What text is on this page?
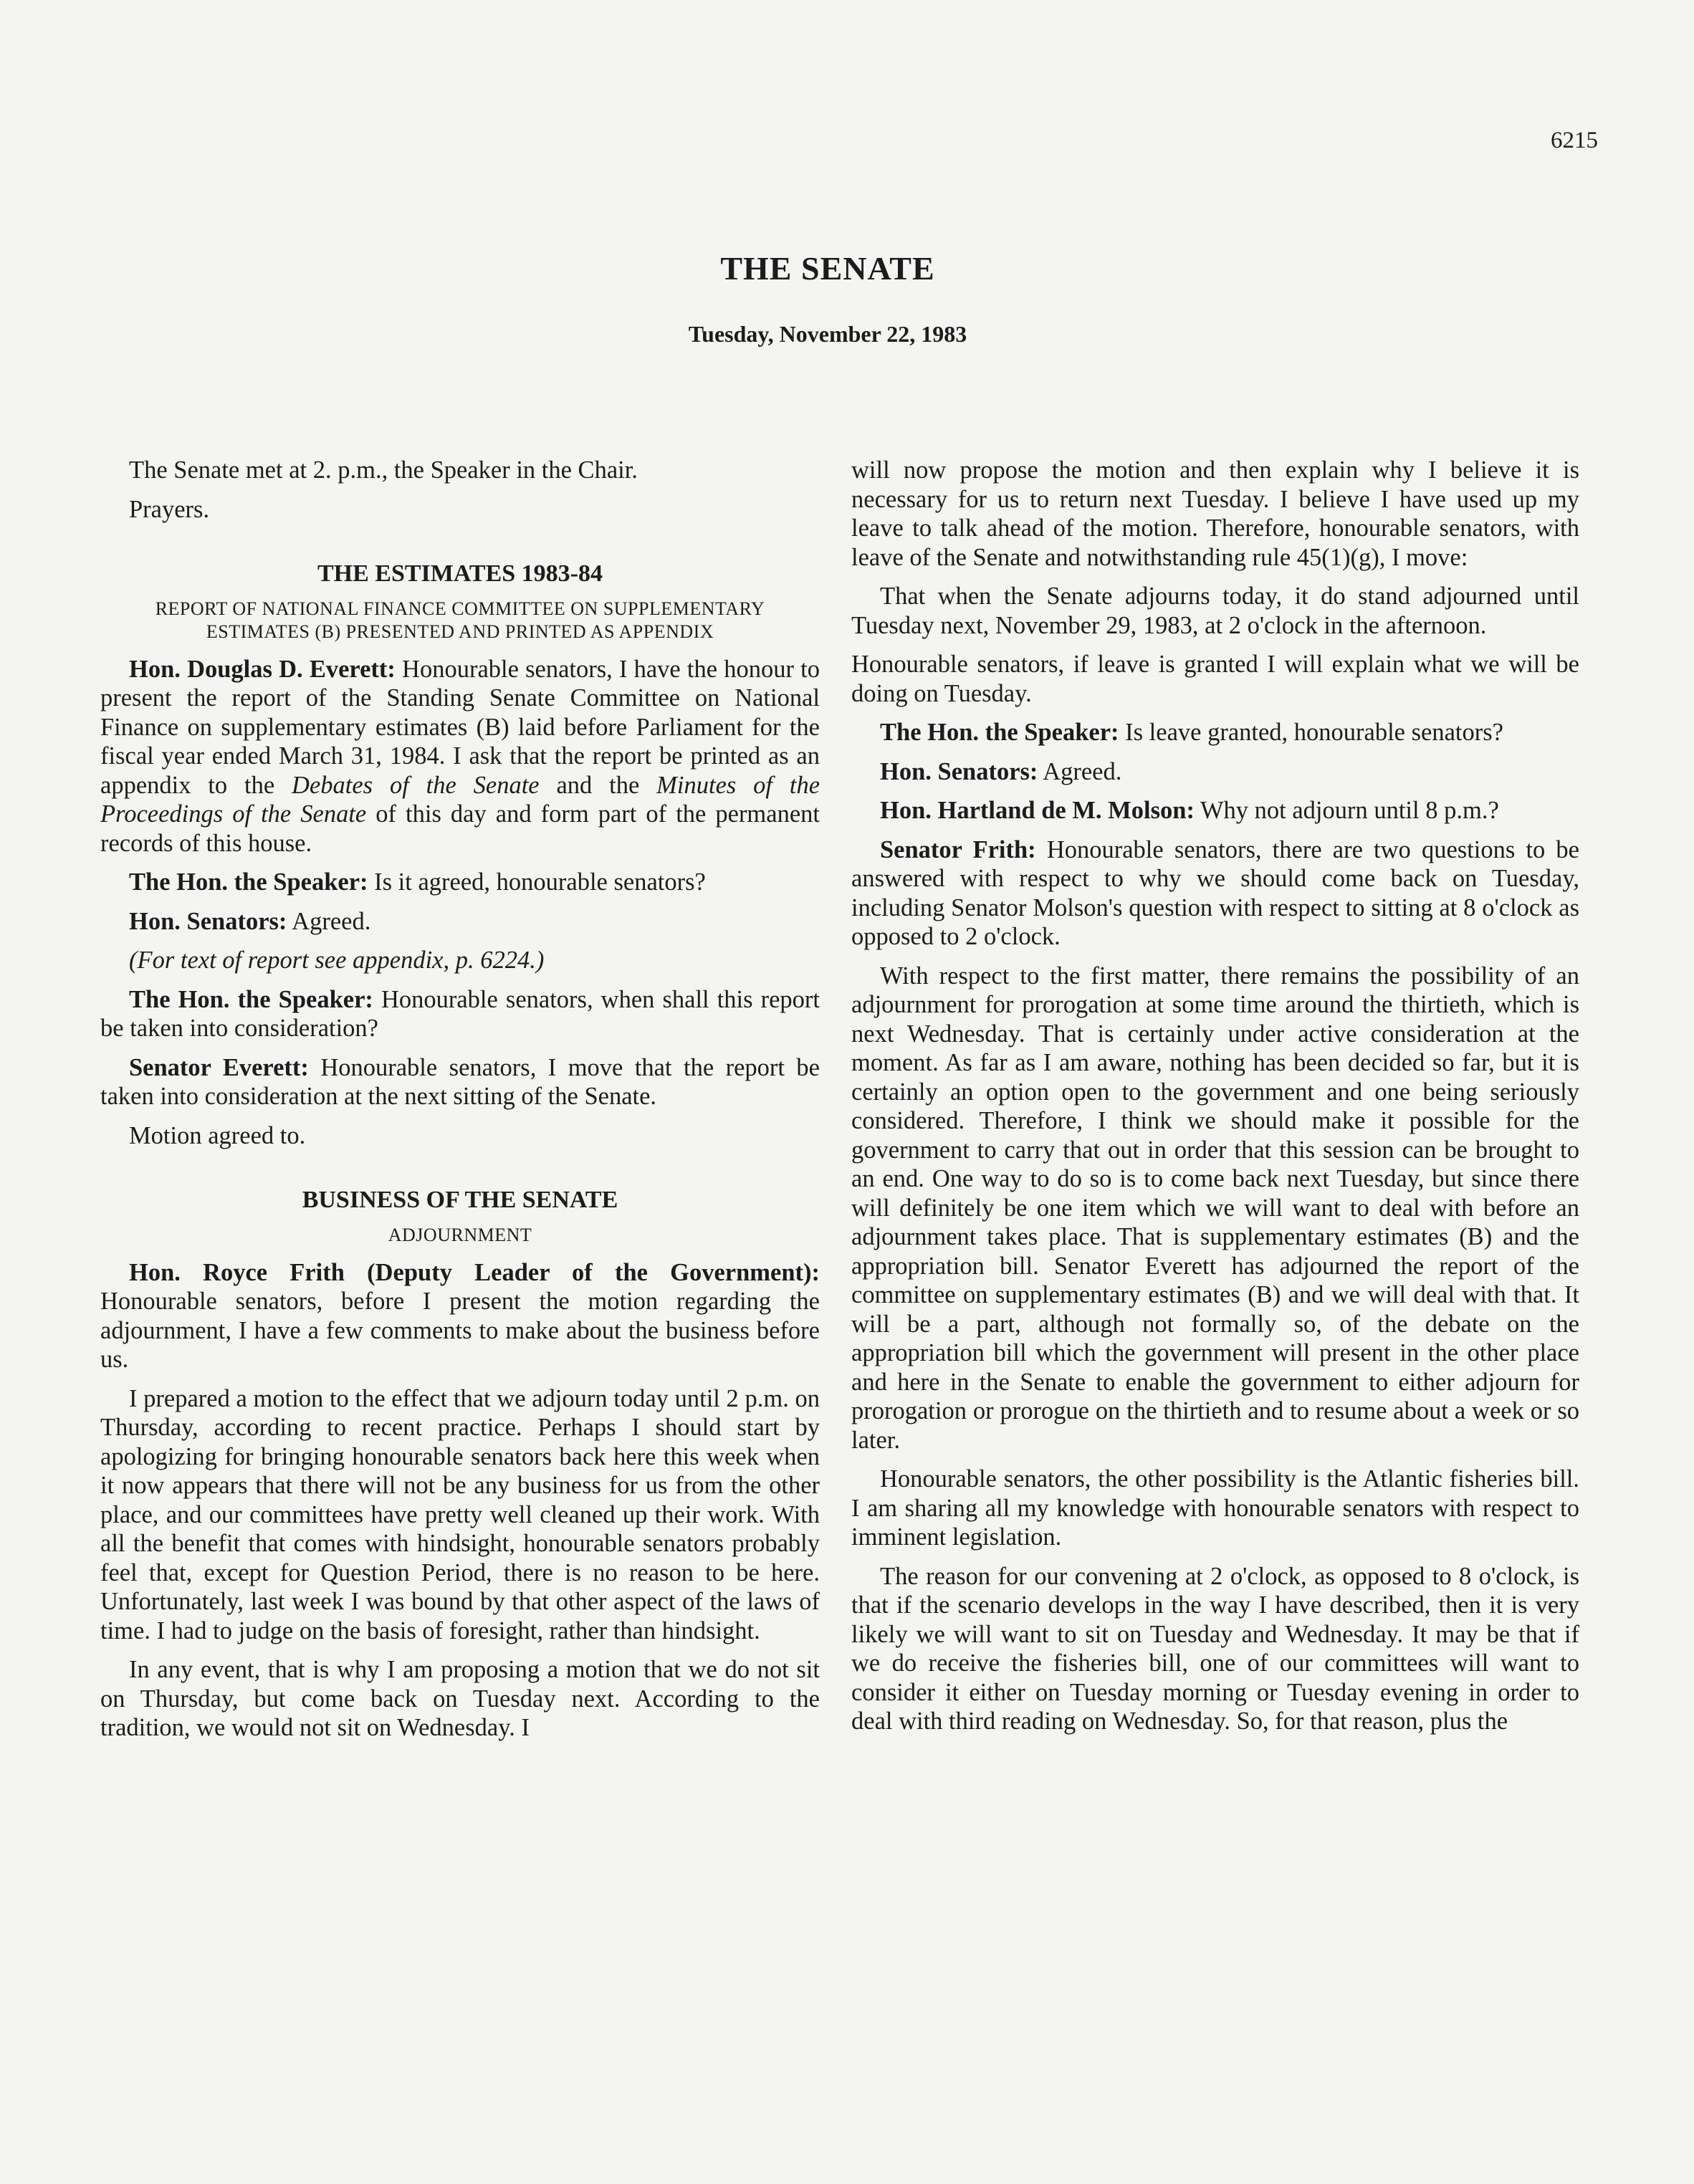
6215
THE SENATE
Tuesday, November 22, 1983

The Senate met at 2. p.m., the Speaker in the Chair.

Prayers.

THE ESTIMATES 1983-84
REPORT OF NATIONAL FINANCE COMMITTEE ON SUPPLEMENTARY ESTIMATES (B) PRESENTED AND PRINTED AS APPENDIX

Hon. Douglas D. Everett: Honourable senators, I have the honour to present the report of the Standing Senate Committee on National Finance on supplementary estimates (B) laid before Parliament for the fiscal year ended March 31, 1984. I ask that the report be printed as an appendix to the Debates of the Senate and the Minutes of the Proceedings of the Senate of this day and form part of the permanent records of this house.

The Hon. the Speaker: Is it agreed, honourable senators?

Hon. Senators: Agreed.

(For text of report see appendix, p. 6224.)

The Hon. the Speaker: Honourable senators, when shall this report be taken into consideration?

Senator Everett: Honourable senators, I move that the report be taken into consideration at the next sitting of the Senate.

Motion agreed to.

BUSINESS OF THE SENATE
ADJOURNMENT

Hon. Royce Frith (Deputy Leader of the Government): Honourable senators, before I present the motion regarding the adjournment, I have a few comments to make about the business before us.

I prepared a motion to the effect that we adjourn today until 2 p.m. on Thursday, according to recent practice. Perhaps I should start by apologizing for bringing honourable senators back here this week when it now appears that there will not be any business for us from the other place, and our committees have pretty well cleaned up their work. With all the benefit that comes with hindsight, honourable senators probably feel that, except for Question Period, there is no reason to be here. Unfortunately, last week I was bound by that other aspect of the laws of time. I had to judge on the basis of foresight, rather than hindsight.

In any event, that is why I am proposing a motion that we do not sit on Thursday, but come back on Tuesday next. According to the tradition, we would not sit on Wednesday. I

will now propose the motion and then explain why I believe it is necessary for us to return next Tuesday. I believe I have used up my leave to talk ahead of the motion. Therefore, honourable senators, with leave of the Senate and notwithstanding rule 45(1)(g), I move:

That when the Senate adjourns today, it do stand adjourned until Tuesday next, November 29, 1983, at 2 o'clock in the afternoon.

Honourable senators, if leave is granted I will explain what we will be doing on Tuesday.

The Hon. the Speaker: Is leave granted, honourable senators?

Hon. Senators: Agreed.

Hon. Hartland de M. Molson: Why not adjourn until 8 p.m.?

Senator Frith: Honourable senators, there are two questions to be answered with respect to why we should come back on Tuesday, including Senator Molson's question with respect to sitting at 8 o'clock as opposed to 2 o'clock.

With respect to the first matter, there remains the possibility of an adjournment for prorogation at some time around the thirtieth, which is next Wednesday. That is certainly under active consideration at the moment. As far as I am aware, nothing has been decided so far, but it is certainly an option open to the government and one being seriously considered. Therefore, I think we should make it possible for the government to carry that out in order that this session can be brought to an end. One way to do so is to come back next Tuesday, but since there will definitely be one item which we will want to deal with before an adjournment takes place. That is supplementary estimates (B) and the appropriation bill. Senator Everett has adjourned the report of the committee on supplementary estimates (B) and we will deal with that. It will be a part, although not formally so, of the debate on the appropriation bill which the government will present in the other place and here in the Senate to enable the government to either adjourn for prorogation or prorogue on the thirtieth and to resume about a week or so later.

Honourable senators, the other possibility is the Atlantic fisheries bill. I am sharing all my knowledge with honourable senators with respect to imminent legislation.

The reason for our convening at 2 o'clock, as opposed to 8 o'clock, is that if the scenario develops in the way I have described, then it is very likely we will want to sit on Tuesday and Wednesday. It may be that if we do receive the fisheries bill, one of our committees will want to consider it either on Tuesday morning or Tuesday evening in order to deal with third reading on Wednesday. So, for that reason, plus the
